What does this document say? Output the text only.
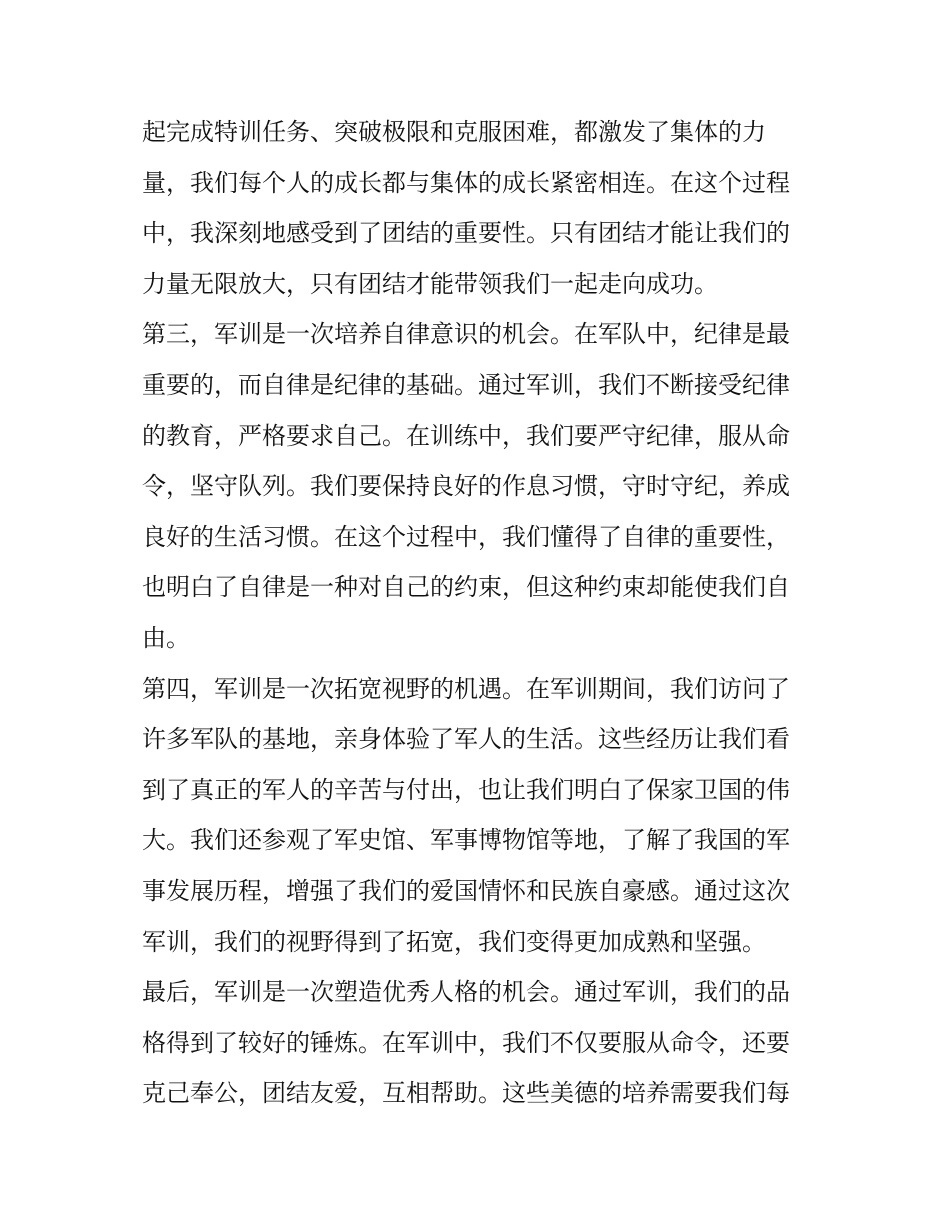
起完成特训任务、突破极限和克服困难，都激发了集体的力
量，我们每个人的成长都与集体的成长紧密相连。在这个过程
中，我深刻地感受到了团结的重要性。只有团结才能让我们的
力量无限放大，只有团结才能带领我们一起走向成功。
第三，军训是一次培养自律意识的机会。在军队中，纪律是最
重要的，而自律是纪律的基础。通过军训，我们不断接受纪律
的教育，严格要求自己。在训练中，我们要严守纪律，服从命
令，坚守队列。我们要保持良好的作息习惯，守时守纪，养成
良好的生活习惯。在这个过程中，我们懂得了自律的重要性，
也明白了自律是一种对自己的约束，但这种约束却能使我们自
由。
第四，军训是一次拓宽视野的机遇。在军训期间，我们访问了
许多军队的基地，亲身体验了军人的生活。这些经历让我们看
到了真正的军人的辛苦与付出，也让我们明白了保家卫国的伟
大。我们还参观了军史馆、军事博物馆等地，了解了我国的军
事发展历程，增强了我们的爱国情怀和民族自豪感。通过这次
军训，我们的视野得到了拓宽，我们变得更加成熟和坚强。
最后，军训是一次塑造优秀人格的机会。通过军训，我们的品
格得到了较好的锤炼。在军训中，我们不仅要服从命令，还要
克己奉公，团结友爱，互相帮助。这些美德的培养需要我们每
